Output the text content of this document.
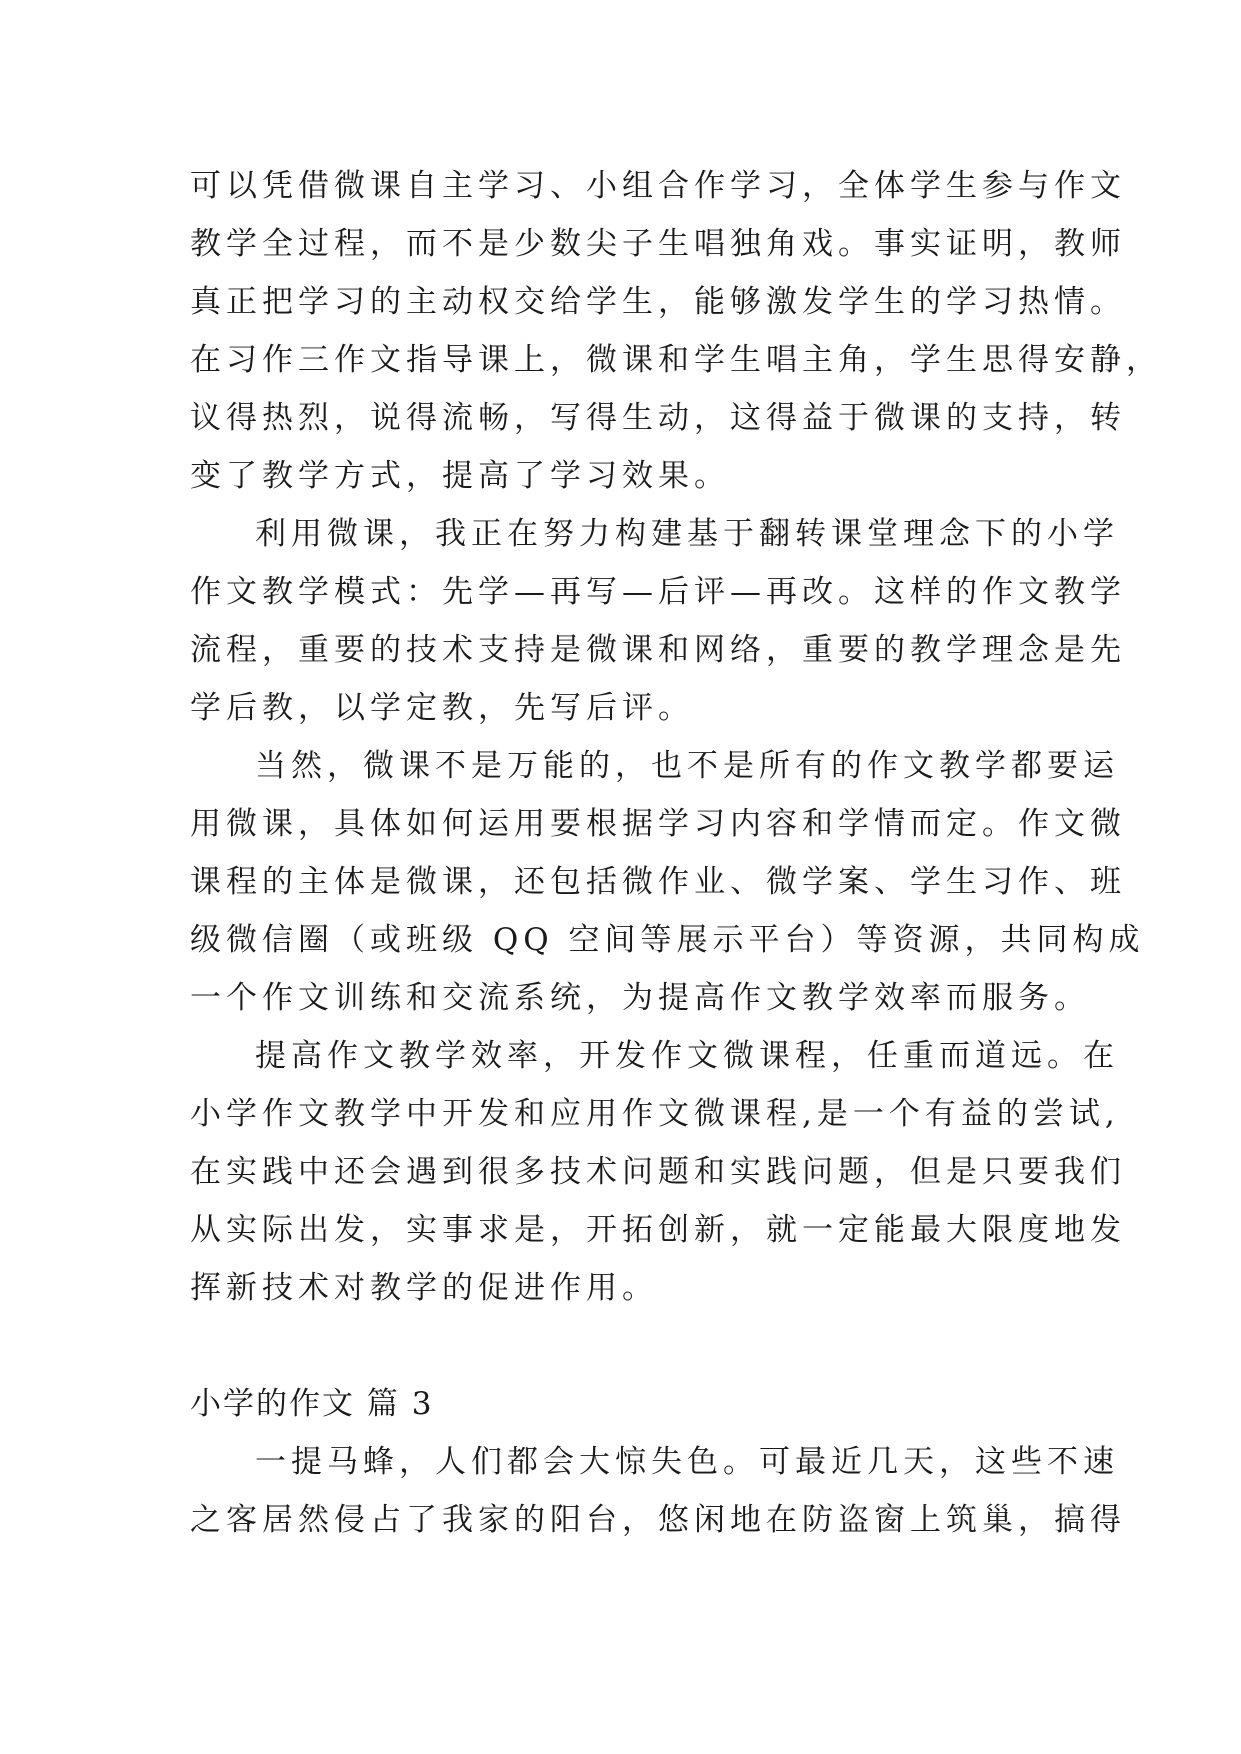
可以凭借微课自主学习、小组合作学习，全体学生参与作文
教学全过程，而不是少数尖子生唱独角戏。事实证明，教师
真正把学习的主动权交给学生，能够激发学生的学习热情。
在习作三作文指导课上，微课和学生唱主角，学生思得安静，
议得热烈，说得流畅，写得生动，这得益于微课的支持，转
变了教学方式，提高了学习效果。
利用微课，我正在努力构建基于翻转课堂理念下的小学
作文教学模式：先学—再写—后评—再改。这样的作文教学
流程，重要的技术支持是微课和网络，重要的教学理念是先
学后教，以学定教，先写后评。
当然，微课不是万能的，也不是所有的作文教学都要运
用微课，具体如何运用要根据学习内容和学情而定。作文微
课程的主体是微课，还包括微作业、微学案、学生习作、班
级微信圈（或班级 QQ 空间等展示平台）等资源，共同构成
一个作文训练和交流系统，为提高作文教学效率而服务。
提高作文教学效率，开发作文微课程，任重而道远。在
小学作文教学中开发和应用作文微课程,是一个有益的尝试,
在实践中还会遇到很多技术问题和实践问题，但是只要我们
从实际出发，实事求是，开拓创新，就一定能最大限度地发
挥新技术对教学的促进作用。
小学的作文 篇 3
一提马蜂，人们都会大惊失色。可最近几天，这些不速
之客居然侵占了我家的阳台，悠闲地在防盗窗上筑巢，搞得
